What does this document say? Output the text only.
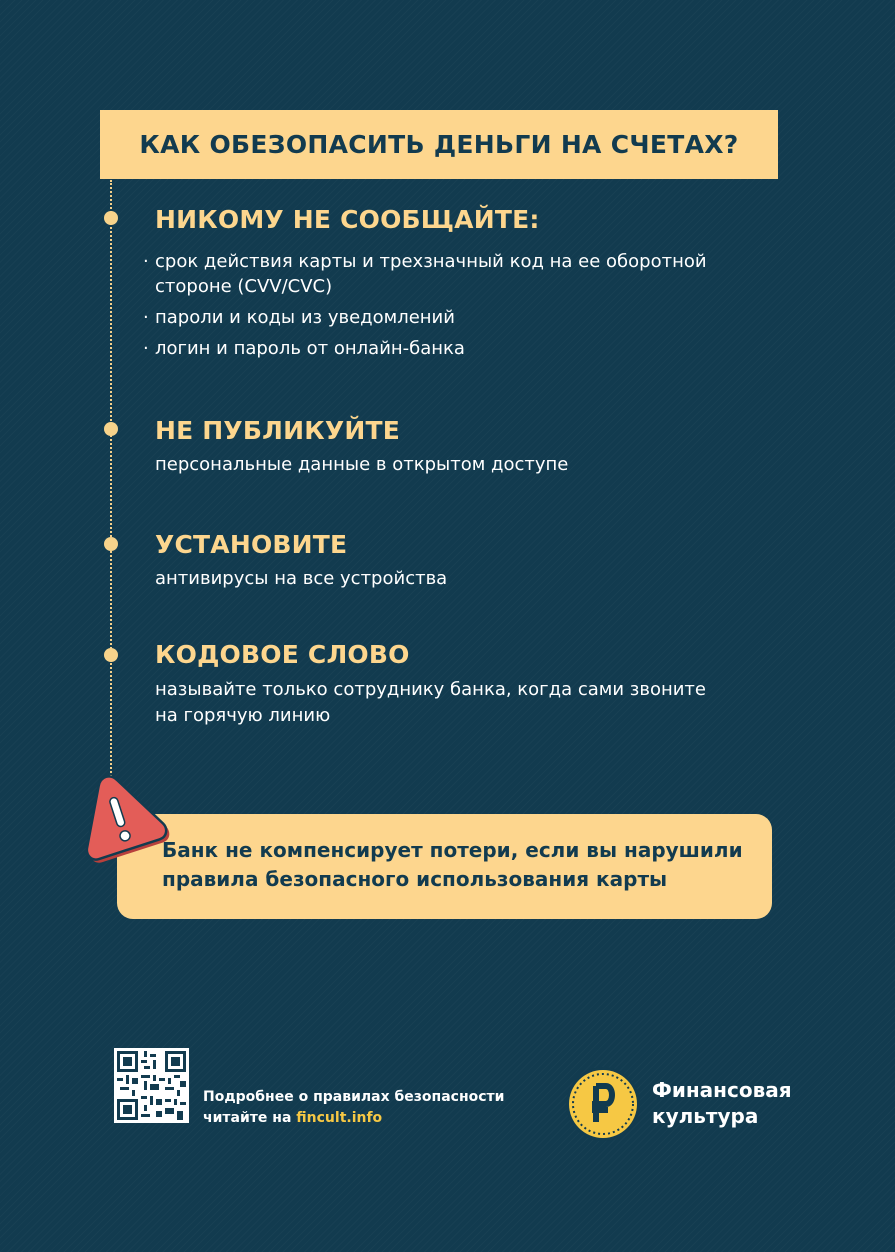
КАК ОБЕЗОПАСИТЬ ДЕНЬГИ НА СЧЕТАХ?
НИКОМУ НЕ СООБЩАЙТЕ:
· срок действия карты и трехзначный код на ее оборотной
стороне (CVV/CVC)
· пароли и коды из уведомлений
· логин и пароль от онлайн-банка
НЕ ПУБЛИКУЙТЕ
персональные данные в открытом доступе
УСТАНОВИТЕ
антивирусы на все устройства
КОДОВОЕ СЛОВО
называйте только сотруднику банка, когда сами звоните
на горячую линию
Банк не компенсирует потери, если вы нарушили
правила безопасного использования карты
Подробнее о правилах безопасности
читайте на fincult.info
Финансовая
культура
